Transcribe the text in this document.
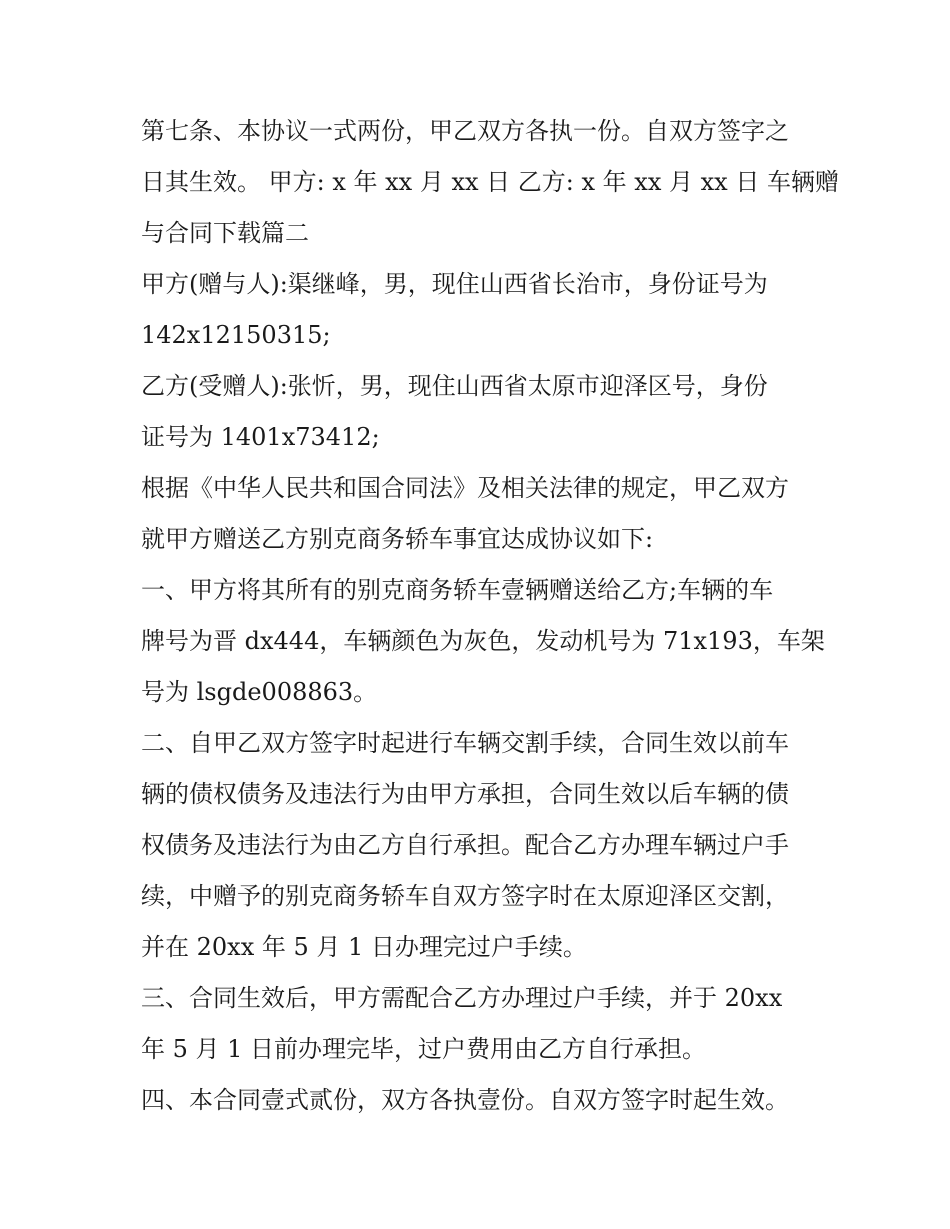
第七条、本协议一式两份，甲乙双方各执一份。自双方签字之
日其生效。 甲方: x 年 xx 月 xx 日 乙方: x 年 xx 月 xx 日 车辆赠
与合同下载篇二
甲方(赠与人):渠继峰，男，现住山西省长治市，身份证号为
142x12150315;
乙方(受赠人):张忻，男，现住山西省太原市迎泽区号，身份
证号为 1401x73412;
根据《中华人民共和国合同法》及相关法律的规定，甲乙双方
就甲方赠送乙方别克商务轿车事宜达成协议如下:
一、甲方将其所有的别克商务轿车壹辆赠送给乙方;车辆的车
牌号为晋 dx444，车辆颜色为灰色，发动机号为 71x193，车架
号为 lsgde008863。
二、自甲乙双方签字时起进行车辆交割手续，合同生效以前车
辆的债权债务及违法行为由甲方承担，合同生效以后车辆的债
权债务及违法行为由乙方自行承担。配合乙方办理车辆过户手
续，中赠予的别克商务轿车自双方签字时在太原迎泽区交割，
并在 20xx 年 5 月 1 日办理完过户手续。
三、合同生效后，甲方需配合乙方办理过户手续，并于 20xx
年 5 月 1 日前办理完毕，过户费用由乙方自行承担。
四、本合同壹式贰份，双方各执壹份。自双方签字时起生效。
